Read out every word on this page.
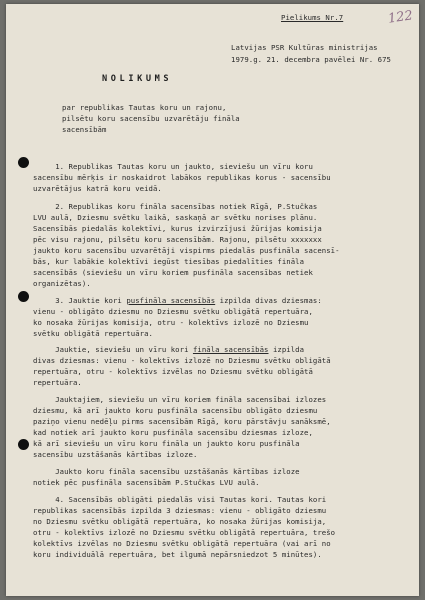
122

Pielikums Nr.7

Latvijas PSR Kultūras ministrijas

1979.g. 21. decembra pavēlei Nr. 675

NOLIKUMS

par republikas Tautas koru un rajonu,

pilsētu koru sacensību uzvarētāju fināla

sacensībām

1. Republikas Tautas koru un jaukto, sieviešu un vīru koru

sacensību mērķis ir noskaidrot labākos republikas korus - sacensību

uzvarētājus katrā koru veidā.

2. Republikas koru fināla sacensības notiek Rīgā, P.Stučkas

LVU aulā, Dziesmu svētku laikā, saskaņā ar svētku norises plānu.

Sacensībās piedalās kolektīvi, kurus izvirzījusi žūrijas komisija

pēc visu rajonu, pilsētu koru sacensībām. Rajonu, pilsētu xxxxxxx

jaukto koru sacensību uzvarētāji vispirms piedalās pusfināla sacensī-

bās, kur labākie kolektīvi iegūst tiesības piedalīties fināla

sacensībās (sieviešu un vīru koriem pusfināla sacensības netiek

organizētas).

3. Jauktie kori pusfināla sacensībās izpilda divas dziesmas:

vienu - obligāto dziesmu no Dziesmu svētku obligātā repertuāra,

ko nosaka žūrijas komisija, otru - kolektīvs izlozē no Dziesmu

svētku obligātā repertuāra.

Jauktie, sieviešu un vīru kori fināla sacensībās izpilda

divas dziesmas: vienu - kolektīvs izlozē no Dziesmu svētku obligātā

repertuāra, otru - kolektīvs izvēlas no Dziesmu svētku obligātā

repertuāra.

Jauktajiem, sieviešu un vīru koriem fināla sacensībai izlozes

dziesmu, kā arī jaukto koru pusfināla sacensību obligāto dziesmu

paziņo vienu nedēļu pirms sacensībām Rīgā, koru pārstāvju sanāksmē,

kad notiek arī jaukto koru pusfināla sacensību dziesmas izloze,

kā arī sieviešu un vīru koru fināla un jaukto koru pusfināla

sacensību uzstāšanās kārtības izloze.

Jaukto koru fināla sacensību uzstāšanās kārtības izloze

notiek pēc pusfināla sacensībām P.Stučkas LVU aulā.

4. Sacensībās obligāti piedalās visi Tautas kori. Tautas kori

republikas sacensībās izpilda 3 dziesmas: vienu - obligāto dziesmu

no Dziesmu svētku obligātā repertuāra, ko nosaka žūrijas komisija,

otru - kolektīvs izlozē no Dziesmu svētku obligātā repertuāra, trešo

kolektīvs izvēlas no Dziesmu svētku obligātā repertuāra (vai arī no

koru individuālā repertuāra, bet ilgumā nepārsniedzot 5 minūtes).
